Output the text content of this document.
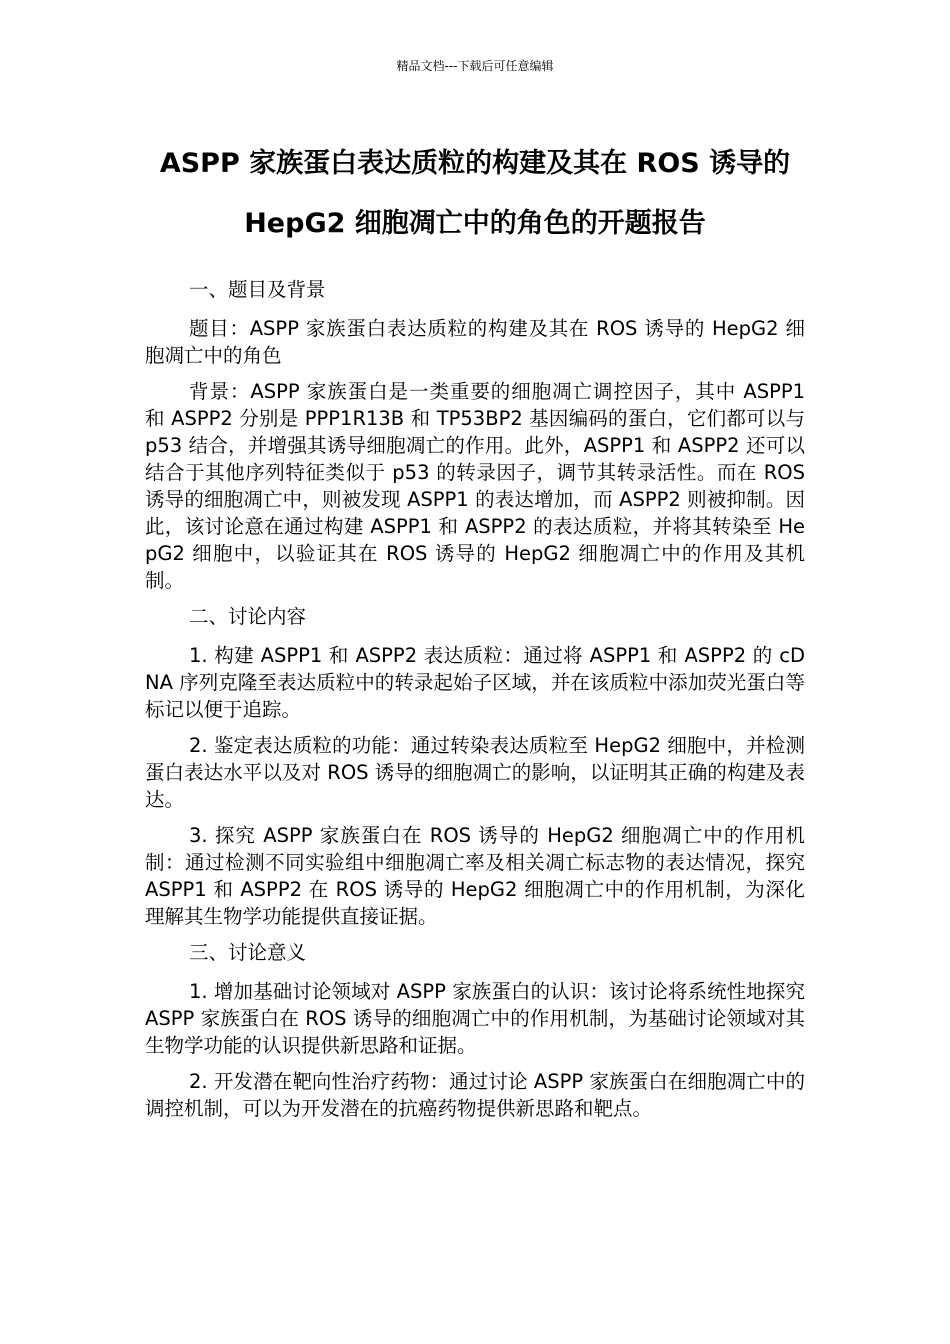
精品文档---下载后可任意编辑
ASPP 家族蛋白表达质粒的构建及其在 ROS 诱导的
HepG2 细胞凋亡中的角色的开题报告

一、题目及背景

题目：ASPP 家族蛋白表达质粒的构建及其在 ROS 诱导的 HepG2 细胞凋亡中的角色

背景：ASPP 家族蛋白是一类重要的细胞凋亡调控因子，其中 ASPP1 和 ASPP2 分别是 PPP1R13B 和 TP53BP2 基因编码的蛋白，它们都可以与 p53 结合，并增强其诱导细胞凋亡的作用。此外，ASPP1 和 ASPP2 还可以结合于其他序列特征类似于 p53 的转录因子，调节其转录活性。而在 ROS 诱导的细胞凋亡中，则被发现 ASPP1 的表达增加，而 ASPP2 则被抑制。因此，该讨论意在通过构建 ASPP1 和 ASPP2 的表达质粒，并将其转染至 HepG2 细胞中，以验证其在 ROS 诱导的 HepG2 细胞凋亡中的作用及其机制。

二、讨论内容

1. 构建 ASPP1 和 ASPP2 表达质粒：通过将 ASPP1 和 ASPP2 的 cDNA 序列克隆至表达质粒中的转录起始子区域，并在该质粒中添加荧光蛋白等标记以便于追踪。

2. 鉴定表达质粒的功能：通过转染表达质粒至 HepG2 细胞中，并检测蛋白表达水平以及对 ROS 诱导的细胞凋亡的影响，以证明其正确的构建及表达。

3. 探究 ASPP 家族蛋白在 ROS 诱导的 HepG2 细胞凋亡中的作用机制：通过检测不同实验组中细胞凋亡率及相关凋亡标志物的表达情况，探究 ASPP1 和 ASPP2 在 ROS 诱导的 HepG2 细胞凋亡中的作用机制，为深化理解其生物学功能提供直接证据。

三、讨论意义

1. 增加基础讨论领域对 ASPP 家族蛋白的认识：该讨论将系统性地探究 ASPP 家族蛋白在 ROS 诱导的细胞凋亡中的作用机制，为基础讨论领域对其生物学功能的认识提供新思路和证据。

2. 开发潜在靶向性治疗药物：通过讨论 ASPP 家族蛋白在细胞凋亡中的调控机制，可以为开发潜在的抗癌药物提供新思路和靶点。
